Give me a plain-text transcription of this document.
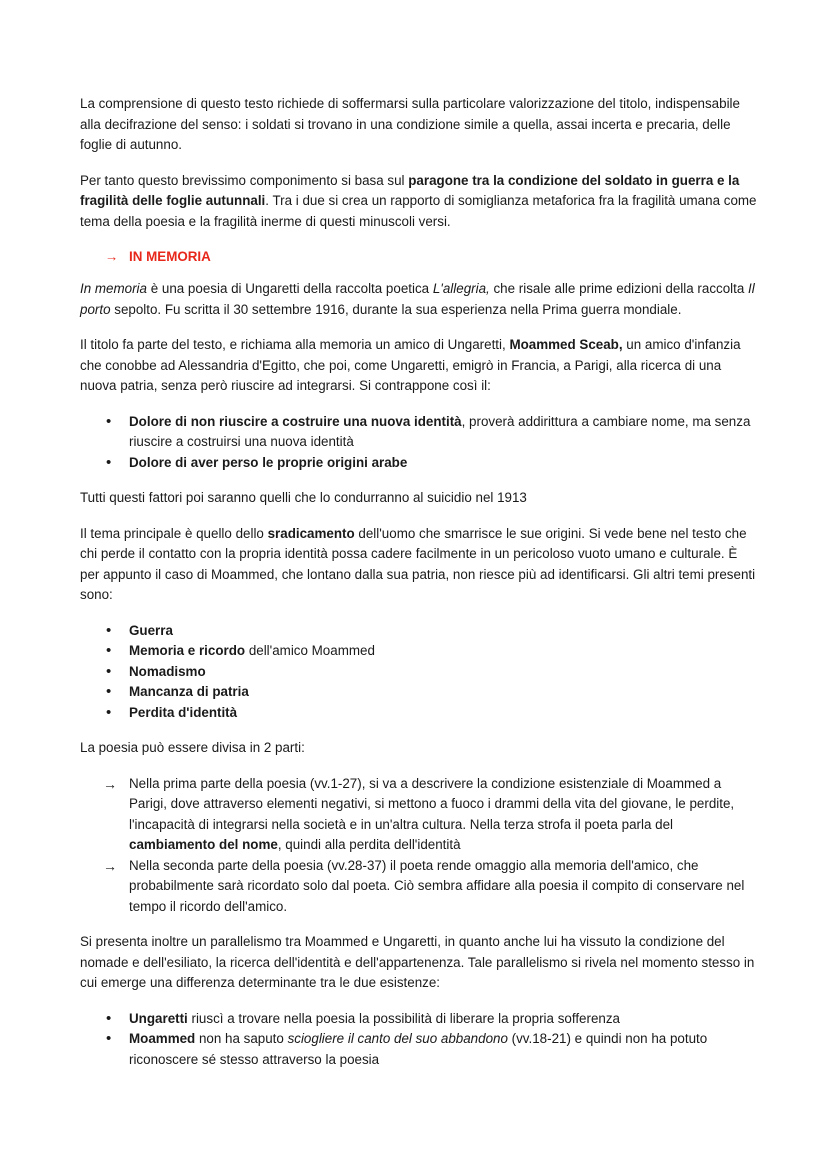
La comprensione di questo testo richiede di soffermarsi sulla particolare valorizzazione del titolo, indispensabile alla decifrazione del senso: i soldati si trovano in una condizione simile a quella, assai incerta e precaria, delle foglie di autunno.

Per tanto questo brevissimo componimento si basa sul paragone tra la condizione del soldato in guerra e la fragilità delle foglie autunnali. Tra i due si crea un rapporto di somiglianza metaforica fra la fragilità umana come tema della poesia e la fragilità inerme di questi minuscoli versi.

→ IN MEMORIA

In memoria è una poesia di Ungaretti della raccolta poetica L'allegria, che risale alle prime edizioni della raccolta Il porto sepolto. Fu scritta il 30 settembre 1916, durante la sua esperienza nella Prima guerra mondiale.

Il titolo fa parte del testo, e richiama alla memoria un amico di Ungaretti, Moammed Sceab, un amico d'infanzia che conobbe ad Alessandria d'Egitto, che poi, come Ungaretti, emigrò in Francia, a Parigi, alla ricerca di una nuova patria, senza però riuscire ad integrarsi. Si contrappone così il:

• Dolore di non riuscire a costruire una nuova identità, proverà addirittura a cambiare nome, ma senza riuscire a costruirsi una nuova identità
• Dolore di aver perso le proprie origini arabe

Tutti questi fattori poi saranno quelli che lo condurranno al suicidio nel 1913

Il tema principale è quello dello sradicamento dell'uomo che smarrisce le sue origini. Si vede bene nel testo che chi perde il contatto con la propria identità possa cadere facilmente in un pericoloso vuoto umano e culturale. È per appunto il caso di Moammed, che lontano dalla sua patria, non riesce più ad identificarsi. Gli altri temi presenti sono:

• Guerra
• Memoria e ricordo dell'amico Moammed
• Nomadismo
• Mancanza di patria
• Perdita d'identità

La poesia può essere divisa in 2 parti:

→ Nella prima parte della poesia (vv.1-27), si va a descrivere la condizione esistenziale di Moammed a Parigi, dove attraverso elementi negativi, si mettono a fuoco i drammi della vita del giovane, le perdite, l'incapacità di integrarsi nella società e in un'altra cultura. Nella terza strofa il poeta parla del cambiamento del nome, quindi alla perdita dell'identità
→ Nella seconda parte della poesia (vv.28-37) il poeta rende omaggio alla memoria dell'amico, che probabilmente sarà ricordato solo dal poeta. Ciò sembra affidare alla poesia il compito di conservare nel tempo il ricordo dell'amico.

Si presenta inoltre un parallelismo tra Moammed e Ungaretti, in quanto anche lui ha vissuto la condizione del nomade e dell'esiliato, la ricerca dell'identità e dell'appartenenza. Tale parallelismo si rivela nel momento stesso in cui emerge una differenza determinante tra le due esistenze:

• Ungaretti riuscì a trovare nella poesia la possibilità di liberare la propria sofferenza
• Moammed non ha saputo sciogliere il canto del suo abbandono (vv.18-21) e quindi non ha potuto riconoscere sé stesso attraverso la poesia
